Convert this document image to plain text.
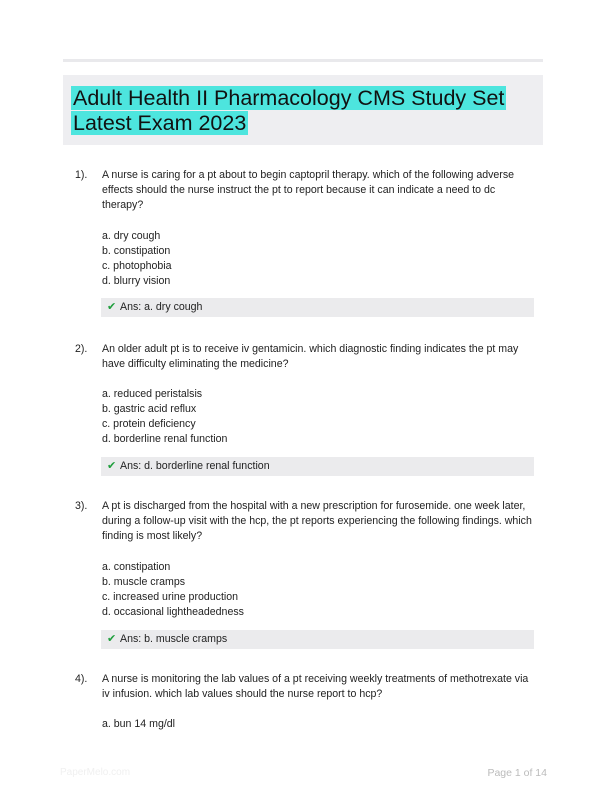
Adult Health II Pharmacology CMS Study Set
Latest Exam 2023
1). A nurse is caring for a pt about to begin captopril therapy. which of the following adverse effects should the nurse instruct the pt to report because it can indicate a need to dc therapy?
a. dry cough
b. constipation
c. photophobia
d. blurry vision
✔ Ans: a. dry cough
2). An older adult pt is to receive iv gentamicin. which diagnostic finding indicates the pt may have difficulty eliminating the medicine?
a. reduced peristalsis
b. gastric acid reflux
c. protein deficiency
d. borderline renal function
✔ Ans: d. borderline renal function
3). A pt is discharged from the hospital with a new prescription for furosemide. one week later, during a follow-up visit with the hcp, the pt reports experiencing the following findings. which finding is most likely?
a. constipation
b. muscle cramps
c. increased urine production
d. occasional lightheadedness
✔ Ans: b. muscle cramps
4). A nurse is monitoring the lab values of a pt receiving weekly treatments of methotrexate via iv infusion. which lab values should the nurse report to hcp?
a. bun 14 mg/dl
PaperMelo.com	Page 1 of 14
